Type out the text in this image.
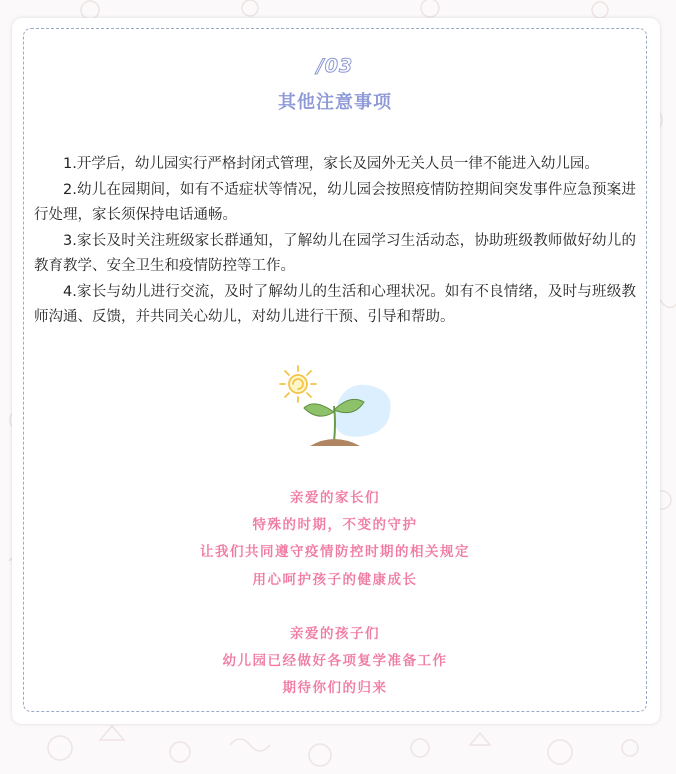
/03
其他注意事项

1.开学后，幼儿园实行严格封闭式管理，家长及园外无关人员一律不能进入幼儿园。

2.幼儿在园期间，如有不适症状等情况，幼儿园会按照疫情防控期间突发事件应急预案进行处理，家长须保持电话通畅。

3.家长及时关注班级家长群通知，了解幼儿在园学习生活动态，协助班级教师做好幼儿的教育教学、安全卫生和疫情防控等工作。

4.家长与幼儿进行交流，及时了解幼儿的生活和心理状况。如有不良情绪，及时与班级教师沟通、反馈，并共同关心幼儿，对幼儿进行干预、引导和帮助。

亲爱的家长们
特殊的时期，不变的守护
让我们共同遵守疫情防控时期的相关规定
用心呵护孩子的健康成长
亲爱的孩子们
幼儿园已经做好各项复学准备工作
期待你们的归来
